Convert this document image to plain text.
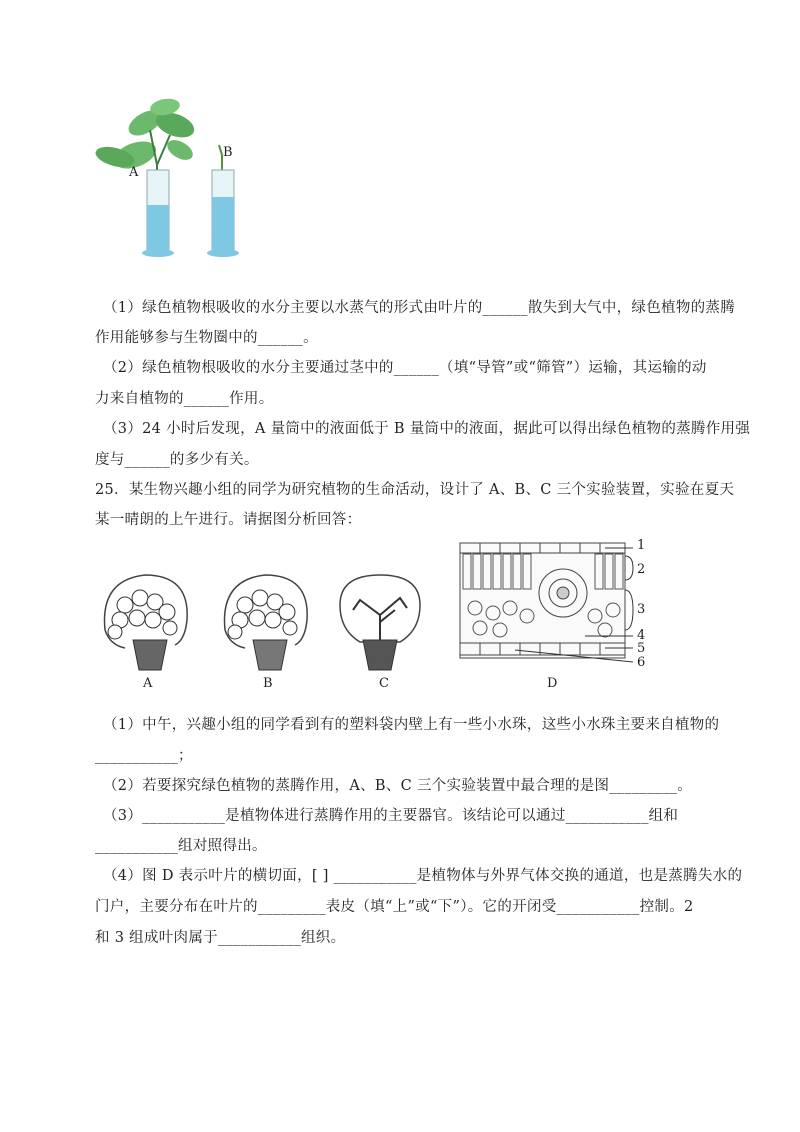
A
B
（1）绿色植物根吸收的水分主要以水蒸气的形式由叶片的______散失到大气中，绿色植物的蒸腾
作用能够参与生物圈中的______。
（2）绿色植物根吸收的水分主要通过茎中的______（填“导管”或“筛管”）运输，其运输的动
力来自植物的______作用。
（3）24 小时后发现，A 量筒中的液面低于 B 量筒中的液面，据此可以得出绿色植物的蒸腾作用强
度与______的多少有关。
25．某生物兴趣小组的同学为研究植物的生命活动，设计了 A、B、C 三个实验装置，实验在夏天
某一晴朗的上午进行。请据图分析回答：
A	B	C
1
2
3
4
5
6
D
（1）中午，兴趣小组的同学看到有的塑料袋内壁上有一些小水珠，这些小水珠主要来自植物的
___________；
（2）若要探究绿色植物的蒸腾作用，A、B、C 三个实验装置中最合理的是图_________。
（3）___________是植物体进行蒸腾作用的主要器官。该结论可以通过___________组和
___________组对照得出。
（4）图 D 表示叶片的横切面，[ ] ___________是植物体与外界气体交换的通道，也是蒸腾失水的
门户，主要分布在叶片的_________表皮（填“上”或“下”）。它的开闭受___________控制。2
和 3 组成叶肉属于___________组织。
